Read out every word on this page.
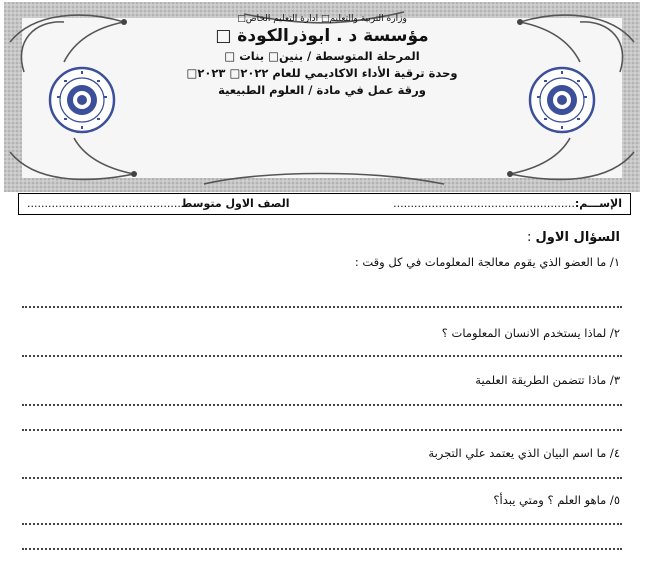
وزارة التربية والتعليم□ ادارة التعليم الخاص□
مؤسسة د . ابوذرالكودة □
المرحلة المتوسطة / بنين□ بنات □
وحدة ترقية الأداء الاكاديمي للعام ٢٠٢٢□ ٢٠٢٣□
ورقة عمل في مادة / العلوم الطبيعية
الإســـم:....................................................
الصف الاول متوسط............................................
السؤال الاول :
١/ ما العضو الذي يقوم معالجة المعلومات في كل وقت :
٢/ لماذا يستخدم الانسان المعلومات ؟
٣/ ماذا تتضمن الطريقة العلمية
٤/ ما اسم البيان الذي يعتمد علي التجربة
٥/ ماهو العلم ؟ ومتي يبدأ؟
